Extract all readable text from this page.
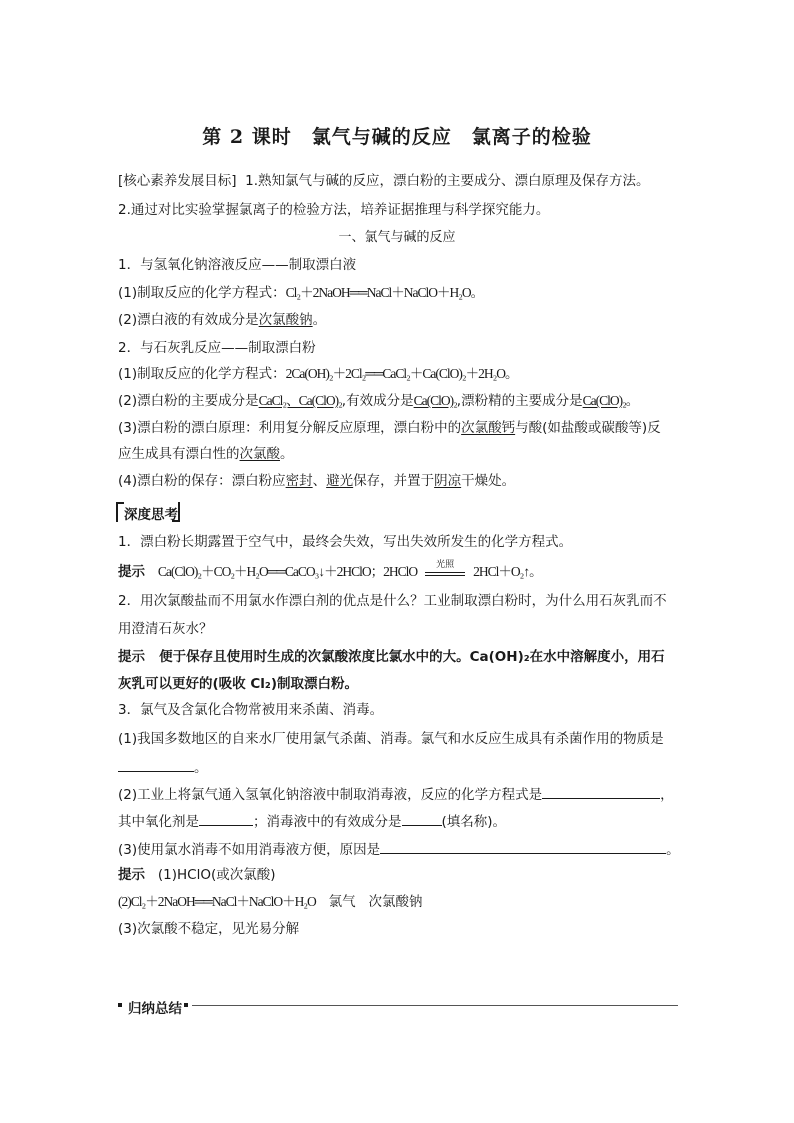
第 2 课时　氯气与碱的反应　氯离子的检验
[核心素养发展目标] 1.熟知氯气与碱的反应，漂白粉的主要成分、漂白原理及保存方法。
2.通过对比实验掌握氯离子的检验方法，培养证据推理与科学探究能力。
一、氯气与碱的反应
1．与氢氧化钠溶液反应——制取漂白液
(1)制取反应的化学方程式：Cl₂＋2NaOH══NaCl＋NaClO＋H₂O。
(2)漂白液的有效成分是次氯酸钠。
2．与石灰乳反应——制取漂白粉
(1)制取反应的化学方程式：2Ca(OH)₂＋2Cl₂══CaCl₂＋Ca(ClO)₂＋2H₂O。
(2)漂白粉的主要成分是CaCl₂、Ca(ClO)₂,有效成分是Ca(ClO)₂,漂粉精的主要成分是Ca(ClO)₂。
(3)漂白粉的漂白原理：利用复分解反应原理，漂白粉中的次氯酸钙与酸(如盐酸或碳酸等)反
应生成具有漂白性的次氯酸。
(4)漂白粉的保存：漂白粉应密封、避光保存，并置于阴凉干燥处。
深度思考
1．漂白粉长期露置于空气中，最终会失效，写出失效所发生的化学方程式。
提示 Ca(ClO)₂＋CO₂＋H₂O══CaCO₃↓＋2HClO；2HClO	光照	2HCl＋O₂↑。
2．用次氯酸盐而不用氯水作漂白剂的优点是什么？工业制取漂白粉时，为什么用石灰乳而不
用澄清石灰水？
提示 便于保存且使用时生成的次氯酸浓度比氯水中的大。Ca(OH)₂在水中溶解度小，用石
灰乳可以更好的(吸收 Cl₂)制取漂白粉。
3．氯气及含氯化合物常被用来杀菌、消毒。
(1)我国多数地区的自来水厂使用氯气杀菌、消毒。氯气和水反应生成具有杀菌作用的物质是
。
(2)工业上将氯气通入氢氧化钠溶液中制取消毒液，反应的化学方程式是	，
其中氧化剂是	；消毒液中的有效成分是	(填名称)。
(3)使用氯水消毒不如用消毒液方便，原因是	。
提示 (1)HClO(或次氯酸)
(2)Cl₂＋2NaOH══NaCl＋NaClO＋H₂O 氯气 次氯酸钠
(3)次氯酸不稳定，见光易分解
归纳总结
